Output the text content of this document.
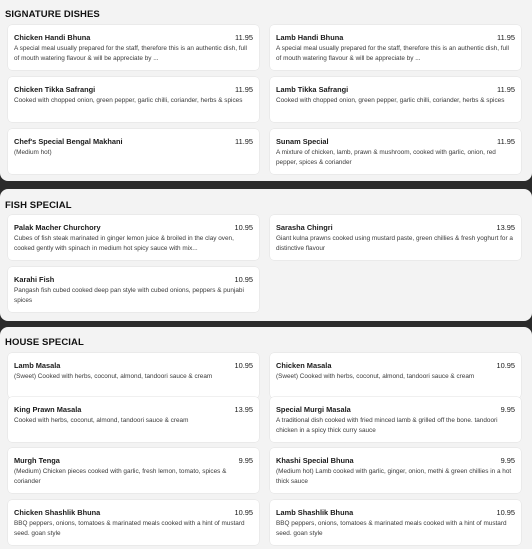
SIGNATURE DISHES
Chicken Handi Bhuna	11.95
A special meal usually prepared for the staff, therefore this is an authentic dish, full of mouth watering flavour & will be appreciate by ...
Lamb Handi Bhuna	11.95
A special meal usually prepared for the staff, therefore this is an authentic dish, full of mouth watering flavour & will be appreciate by ...
Chicken Tikka Safrangi	11.95
Cooked with chopped onion, green pepper, garlic chilli, coriander, herbs & spices
Lamb Tikka Safrangi	11.95
Cooked with chopped onion, green pepper, garlic chilli, coriander, herbs & spices
Chef's Special Bengal Makhani	11.95
(Medium hot)
Sunam Special	11.95
A mixture of chicken, lamb, prawn & mushroom, cooked with garlic, onion, red pepper, spices & coriander
FISH SPECIAL
Palak Macher Churchory	10.95
Cubes of fish steak marinated in ginger lemon juice & broiled in the clay oven, cooked gently with spinach in medium hot spicy sauce with mix...
Sarasha Chingri	13.95
Giant kulna prawns cooked using mustard paste, green chillies & fresh yoghurt for a distinctive flavour
Karahi Fish	10.95
Pangash fish cubed cooked deep pan style with cubed onions, peppers & punjabi spices
HOUSE SPECIAL
Lamb Masala	10.95
(Sweet) Cooked with herbs, coconut, almond, tandoori sauce & cream
Chicken Masala	10.95
(Sweet) Cooked with herbs, coconut, almond, tandoori sauce & cream
King Prawn Masala	13.95
Cooked with herbs, coconut, almond, tandoori sauce & cream
Special Murgi Masala	9.95
A traditional dish cooked with fried minced lamb & grilled off the bone. tandoori chicken in a spicy thick curry sauce
Murgh Tenga	9.95
(Medium) Chicken pieces cooked with garlic, fresh lemon, tomato, spices & coriander
Khashi Special Bhuna	9.95
(Medium hot) Lamb cooked with garlic, ginger, onion, methi & green chillies in a hot thick sauce
Chicken Shashlik Bhuna	10.95
BBQ peppers, onions, tomatoes & marinated meals cooked with a hint of mustard seed. goan style
Lamb Shashlik Bhuna	10.95
BBQ peppers, onions, tomatoes & marinated meals cooked with a hint of mustard seed. goan style
